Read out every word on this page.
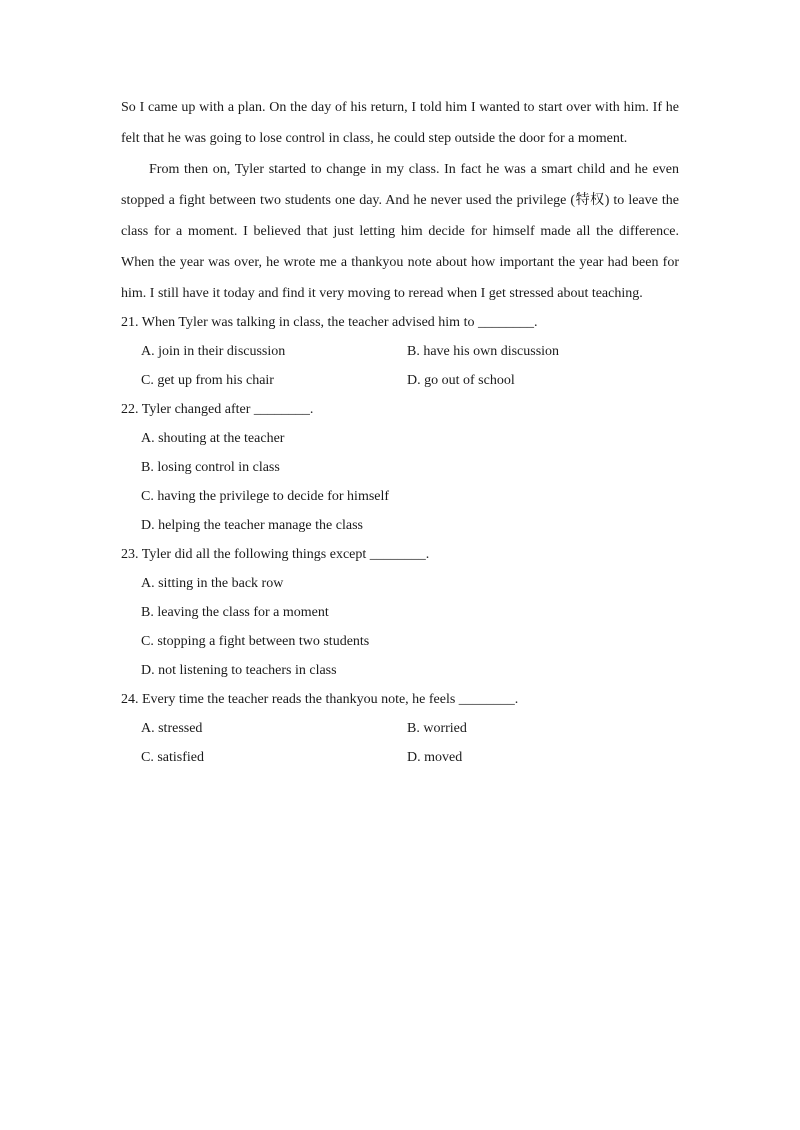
So I came up with a plan. On the day of his return, I told him I wanted to start over with him. If he felt that he was going to lose control in class, he could step outside the door for a moment.

From then on, Tyler started to change in my class. In fact he was a smart child and he even stopped a fight between two students one day. And he never used the privilege (特权) to leave the class for a moment. I believed that just letting him decide for himself made all the difference. When the year was over, he wrote me a thankyou note about how important the year had been for him. I still have it today and find it very moving to reread when I get stressed about teaching.

21. When Tyler was talking in class, the teacher advised him to ________.

A. join in their discussion	B. have his own discussion
C. get up from his chair	D. go out of school

22. Tyler changed after ________.

A. shouting at the teacher
B. losing control in class
C. having the privilege to decide for himself
D. helping the teacher manage the class

23. Tyler did all the following things except ________.

A. sitting in the back row
B. leaving the class for a moment
C. stopping a fight between two students
D. not listening to teachers in class

24. Every time the teacher reads the thankyou note, he feels ________.

A. stressed	B. worried
C. satisfied	D. moved
